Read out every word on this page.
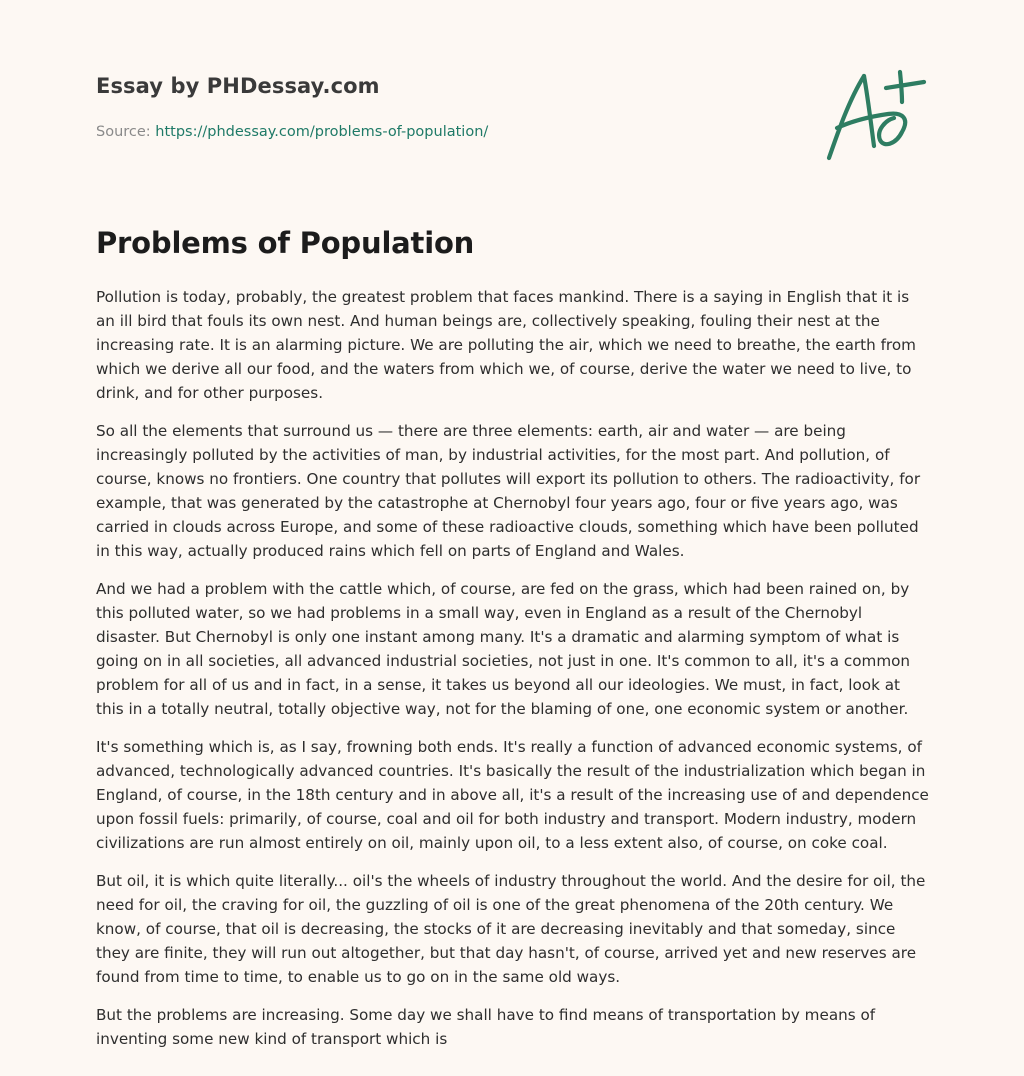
Essay by PHDessay.com
Source: https://phdessay.com/problems-of-population/
Problems of Population

Pollution is today, probably, the greatest problem that faces mankind. There is a saying in English that it is an ill bird that fouls its own nest. And human beings are, collectively speaking, fouling their nest at the increasing rate. It is an alarming picture. We are polluting the air, which we need to breathe, the earth from which we derive all our food, and the waters from which we, of course, derive the water we need to live, to drink, and for other purposes.

So all the elements that surround us — there are three elements: earth, air and water — are being increasingly polluted by the activities of man, by industrial activities, for the most part. And pollution, of course, knows no frontiers. One country that pollutes will export its pollution to others. The radioactivity, for example, that was generated by the catastrophe at Chernobyl four years ago, four or five years ago, was carried in clouds across Europe, and some of these radioactive clouds, something which have been polluted in this way, actually produced rains which fell on parts of England and Wales.

And we had a problem with the cattle which, of course, are fed on the grass, which had been rained on, by this polluted water, so we had problems in a small way, even in England as a result of the Chernobyl disaster. But Chernobyl is only one instant among many. It's a dramatic and alarming symptom of what is going on in all societies, all advanced industrial societies, not just in one. It's common to all, it's a common problem for all of us and in fact, in a sense, it takes us beyond all our ideologies. We must, in fact, look at this in a totally neutral, totally objective way, not for the blaming of one, one economic system or another.

It's something which is, as I say, frowning both ends. It's really a function of advanced economic systems, of advanced, technologically advanced countries. It's basically the result of the industrialization which began in England, of course, in the 18th century and in above all, it's a result of the increasing use of and dependence upon fossil fuels: primarily, of course, coal and oil for both industry and transport. Modern industry, modern civilizations are run almost entirely on oil, mainly upon oil, to a less extent also, of course, on coke coal.

But oil, it is which quite literally... oil's the wheels of industry throughout the world. And the desire for oil, the need for oil, the craving for oil, the guzzling of oil is one of the great phenomena of the 20th century. We know, of course, that oil is decreasing, the stocks of it are decreasing inevitably and that someday, since they are finite, they will run out altogether, but that day hasn't, of course, arrived yet and new reserves are found from time to time, to enable us to go on in the same old ways.

But the problems are increasing. Some day we shall have to find means of transportation by means of inventing some new kind of transport which is
